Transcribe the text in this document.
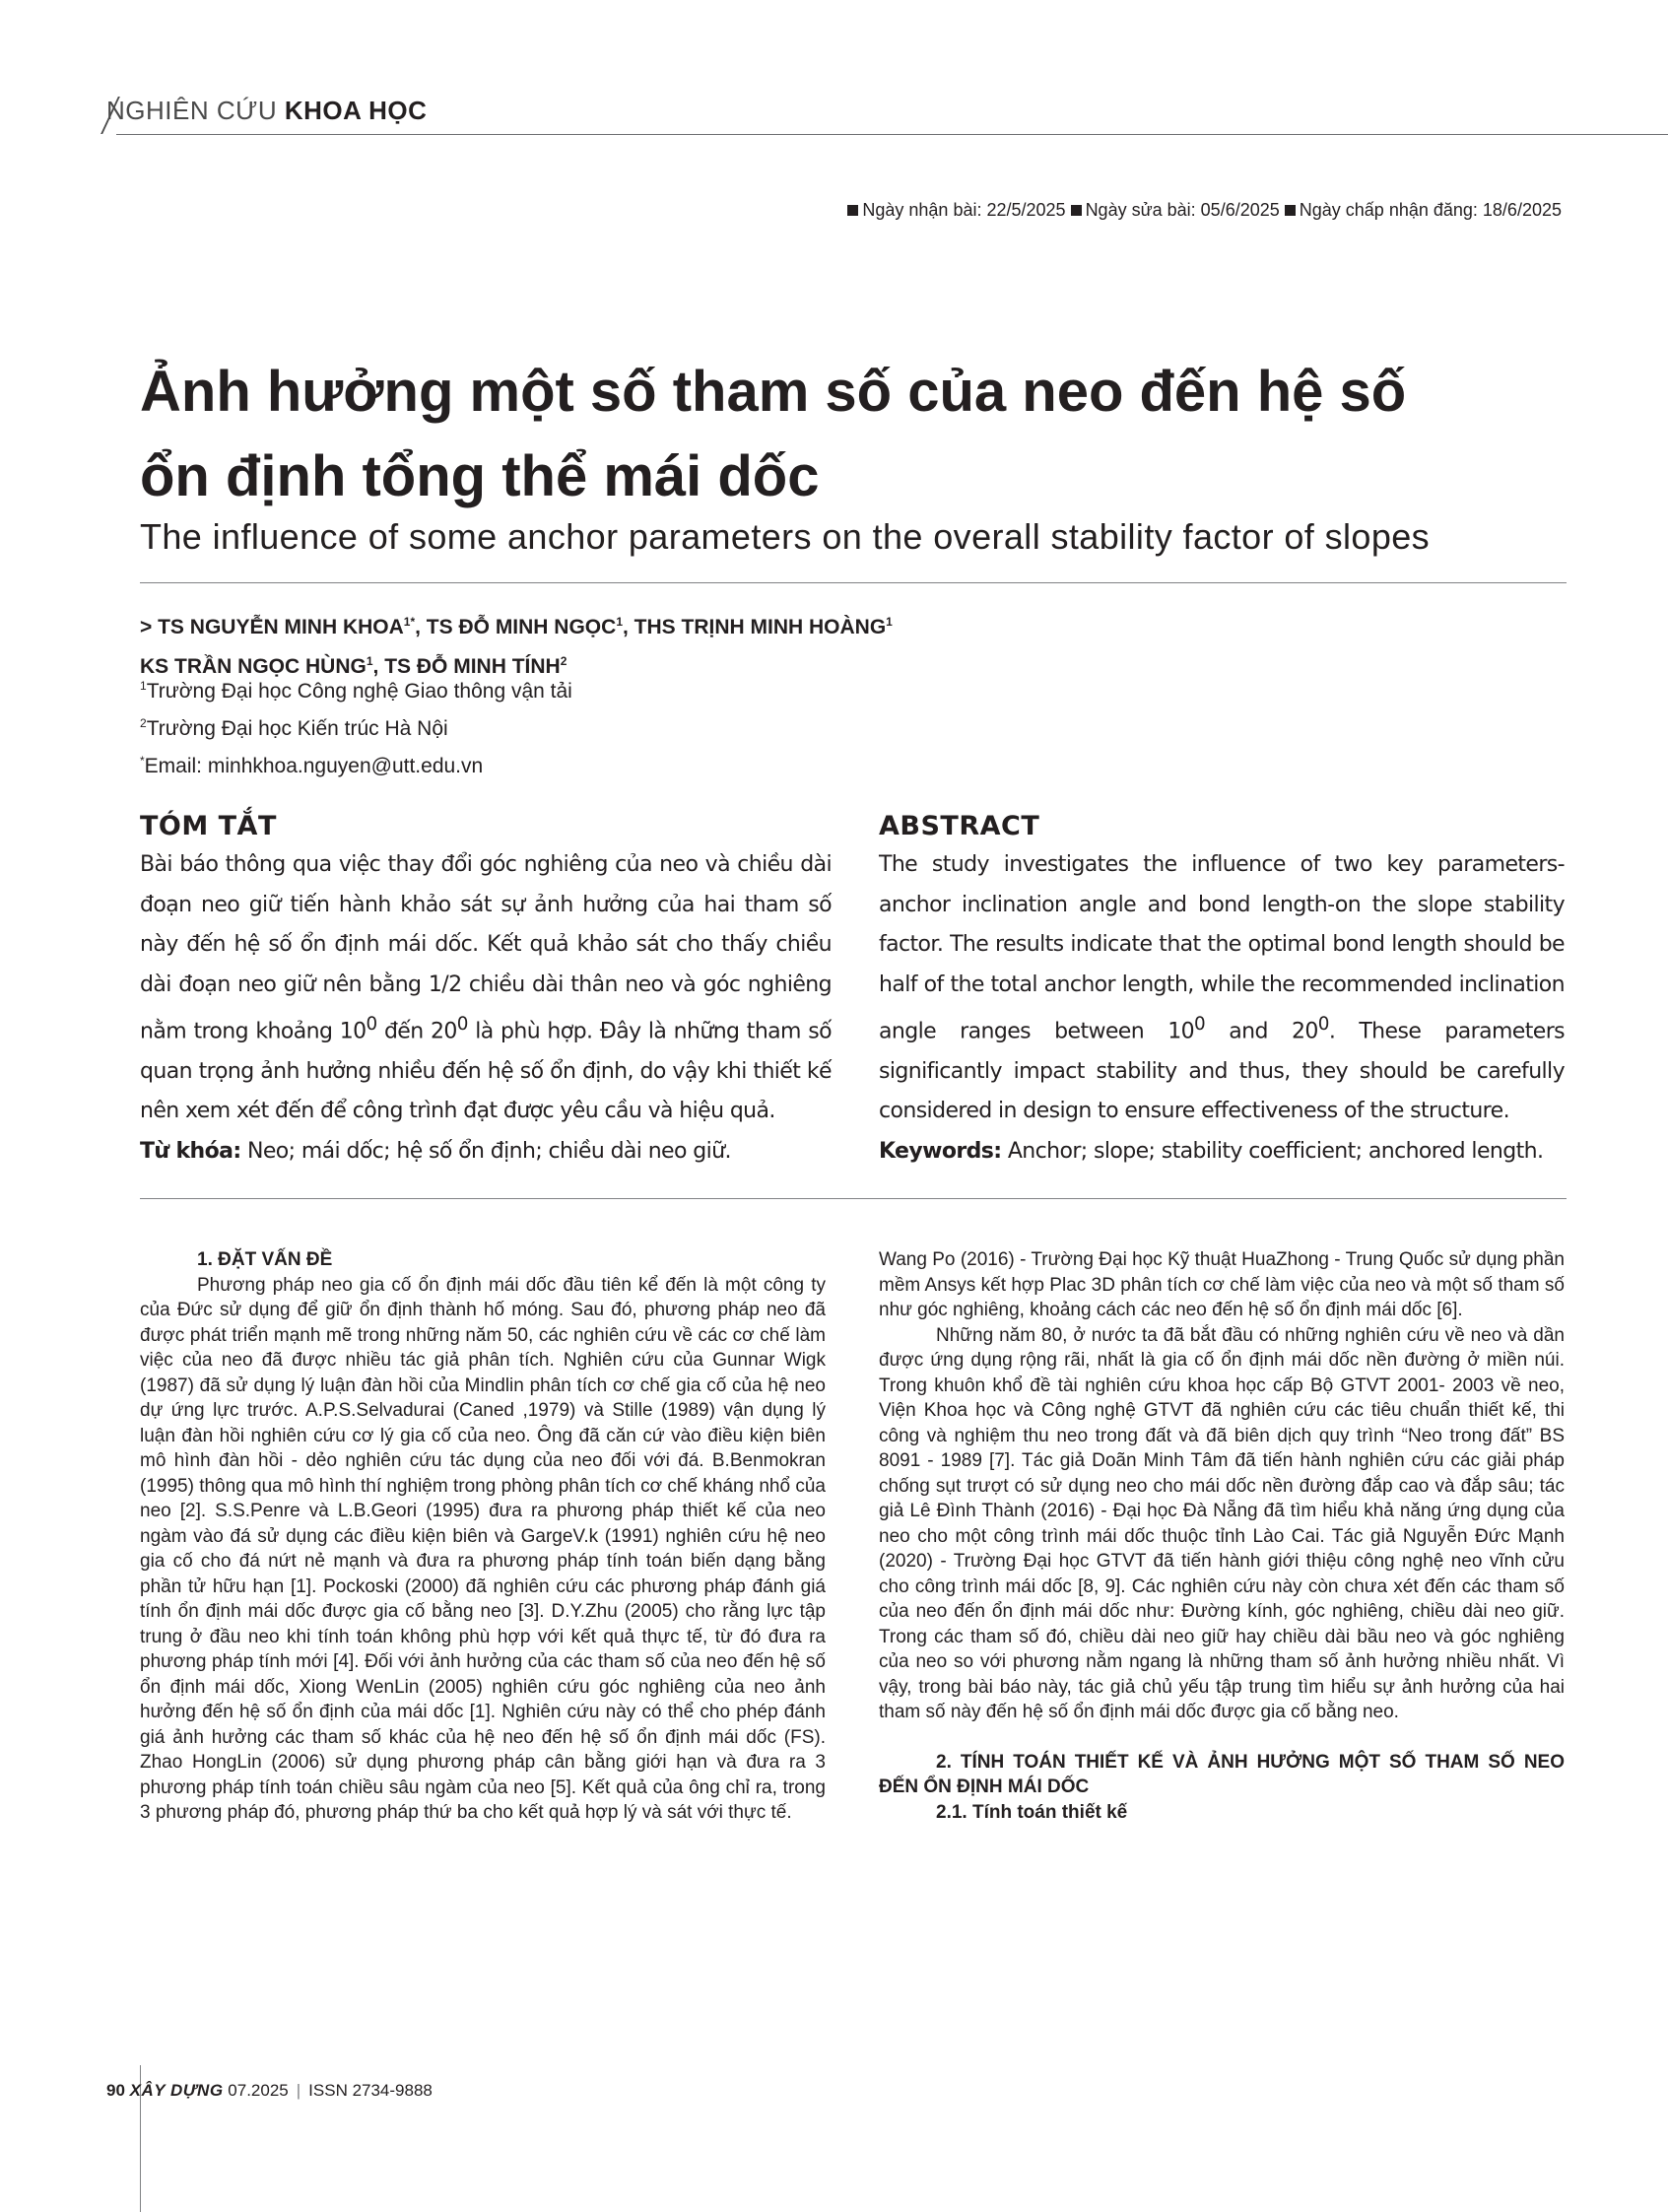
NGHIÊN CỨU KHOA HỌC
Ngày nhận bài: 22/5/2025 Ngày sửa bài: 05/6/2025 Ngày chấp nhận đăng: 18/6/2025
Ảnh hưởng một số tham số của neo đến hệ số
ổn định tổng thể mái dốc
The influence of some anchor parameters on the overall stability factor of slopes
> TS NGUYỄN MINH $KHOA^{1*}$, TS ĐỖ MINH NGỌC$^1$, THS TRỊNH MINH HOÀNG$^1$
KS TRẦN NGỌC HÙNG$^1$, TS ĐỖ MINH TÍNH$^2$
$^1$Trường Đại học Công nghệ Giao thông vận tải
$^2$Trường Đại học Kiến trúc Hà Nội
*Email: minhkhoa.nguyen@utt.edu.vn
TÓM TẮT
Bài báo thông qua việc thay đổi góc nghiêng của neo và chiều dài đoạn neo giữ tiến hành khảo sát sự ảnh hưởng của hai tham số này đến hệ số ổn định mái dốc. Kết quả khảo sát cho thấy chiều dài đoạn neo giữ nên bằng 1/2 chiều dài thân neo và góc nghiêng nằm trong khoảng $10^0$ đến $20^0$ là phù hợp. Đây là những tham số quan trọng ảnh hưởng nhiều đến hệ số ổn định, do vậy khi thiết kế nên xem xét đến để công trình đạt được yêu cầu và hiệu quả.
Từ khóa: Neo; mái dốc; hệ số ổn định; chiều dài neo giữ.
ABSTRACT
The study investigates the influence of two key parameters-anchor inclination angle and bond length-on the slope stability factor. The results indicate that the optimal bond length should be half of the total anchor length, while the recommended inclination angle ranges between $10^0$ and $20^0$. These parameters significantly impact stability and thus, they should be carefully considered in design to ensure effectiveness of the structure.
Keywords: Anchor; slope; stability coefficient; anchored length.
1. ĐẶT VẤN ĐỀ

Phương pháp neo gia cố ổn định mái dốc đầu tiên kể đến là một công ty của Đức sử dụng để giữ ổn định thành hố móng. Sau đó, phương pháp neo đã được phát triển mạnh mẽ trong những năm 50, các nghiên cứu về các cơ chế làm việc của neo đã được nhiều tác giả phân tích. Nghiên cứu của Gunnar Wigk (1987) đã sử dụng lý luận đàn hồi của Mindlin phân tích cơ chế gia cố của hệ neo dự ứng lực trước. A.P.S.Selvadurai (Caned ,1979) và Stille (1989) vận dụng lý luận đàn hồi nghiên cứu cơ lý gia cố của neo. Ông đã căn cứ vào điều kiện biên mô hình đàn hồi - dẻo nghiên cứu tác dụng của neo đối với đá. B.Benmokran (1995) thông qua mô hình thí nghiệm trong phòng phân tích cơ chế kháng nhổ của neo [2]. S.S.Penre và L.B.Geori (1995) đưa ra phương pháp thiết kế của neo ngàm vào đá sử dụng các điều kiện biên và GargeV.k (1991) nghiên cứu hệ neo gia cố cho đá nứt nẻ mạnh và đưa ra phương pháp tính toán biến dạng bằng phần tử hữu hạn [1]. Pockoski (2000) đã nghiên cứu các phương pháp đánh giá tính ổn định mái dốc được gia cố bằng neo [3]. D.Y.Zhu (2005) cho rằng lực tập trung ở đầu neo khi tính toán không phù hợp với kết quả thực tế, từ đó đưa ra phương pháp tính mới [4]. Đối với ảnh hưởng của các tham số của neo đến hệ số ổn định mái dốc, Xiong WenLin (2005) nghiên cứu góc nghiêng của neo ảnh hưởng đến hệ số ổn định của mái dốc [1]. Nghiên cứu này có thể cho phép đánh giá ảnh hưởng các tham số khác của hệ neo đến hệ số ổn định mái dốc (FS). Zhao HongLin (2006) sử dụng phương pháp cân bằng giới hạn và đưa ra 3 phương pháp tính toán chiều sâu ngàm của neo [5]. Kết quả của ông chỉ ra, trong 3 phương pháp đó, phương pháp thứ ba cho kết quả hợp lý và sát với thực tế.

Wang Po (2016) - Trường Đại học Kỹ thuật HuaZhong - Trung Quốc sử dụng phần mềm Ansys kết hợp Plac 3D phân tích cơ chế làm việc của neo và một số tham số như góc nghiêng, khoảng cách các neo đến hệ số ổn định mái dốc [6].

Những năm 80, ở nước ta đã bắt đầu có những nghiên cứu về neo và dần được ứng dụng rộng rãi, nhất là gia cố ổn định mái dốc nền đường ở miền núi. Trong khuôn khổ đề tài nghiên cứu khoa học cấp Bộ GTVT 2001- 2003 về neo, Viện Khoa học và Công nghệ GTVT đã nghiên cứu các tiêu chuẩn thiết kế, thi công và nghiệm thu neo trong đất và đã biên dịch quy trình “Neo trong đất” BS 8091 - 1989 [7]. Tác giả Doãn Minh Tâm đã tiến hành nghiên cứu các giải pháp chống sụt trượt có sử dụng neo cho mái dốc nền đường đắp cao và đắp sâu; tác giả Lê Đình Thành (2016) - Đại học Đà Nẵng đã tìm hiểu khả năng ứng dụng của neo cho một công trình mái dốc thuộc tỉnh Lào Cai. Tác giả Nguyễn Đức Mạnh (2020) - Trường Đại học GTVT đã tiến hành giới thiệu công nghệ neo vĩnh cửu cho công trình mái dốc [8, 9]. Các nghiên cứu này còn chưa xét đến các tham số của neo đến ổn định mái dốc như: Đường kính, góc nghiêng, chiều dài neo giữ. Trong các tham số đó, chiều dài neo giữ hay chiều dài bầu neo và góc nghiêng của neo so với phương nằm ngang là những tham số ảnh hưởng nhiều nhất. Vì vậy, trong bài báo này, tác giả chủ yếu tập trung tìm hiểu sự ảnh hưởng của hai tham số này đến hệ số ổn định mái dốc được gia cố bằng neo.

2. TÍNH TOÁN THIẾT KẾ VÀ ẢNH HƯỞNG MỘT SỐ THAM SỐ NEO ĐẾN ỔN ĐỊNH MÁI DỐC
2.1. Tính toán thiết kế
90 XÂY DỰNG 07.2025 | ISSN 2734-9888
